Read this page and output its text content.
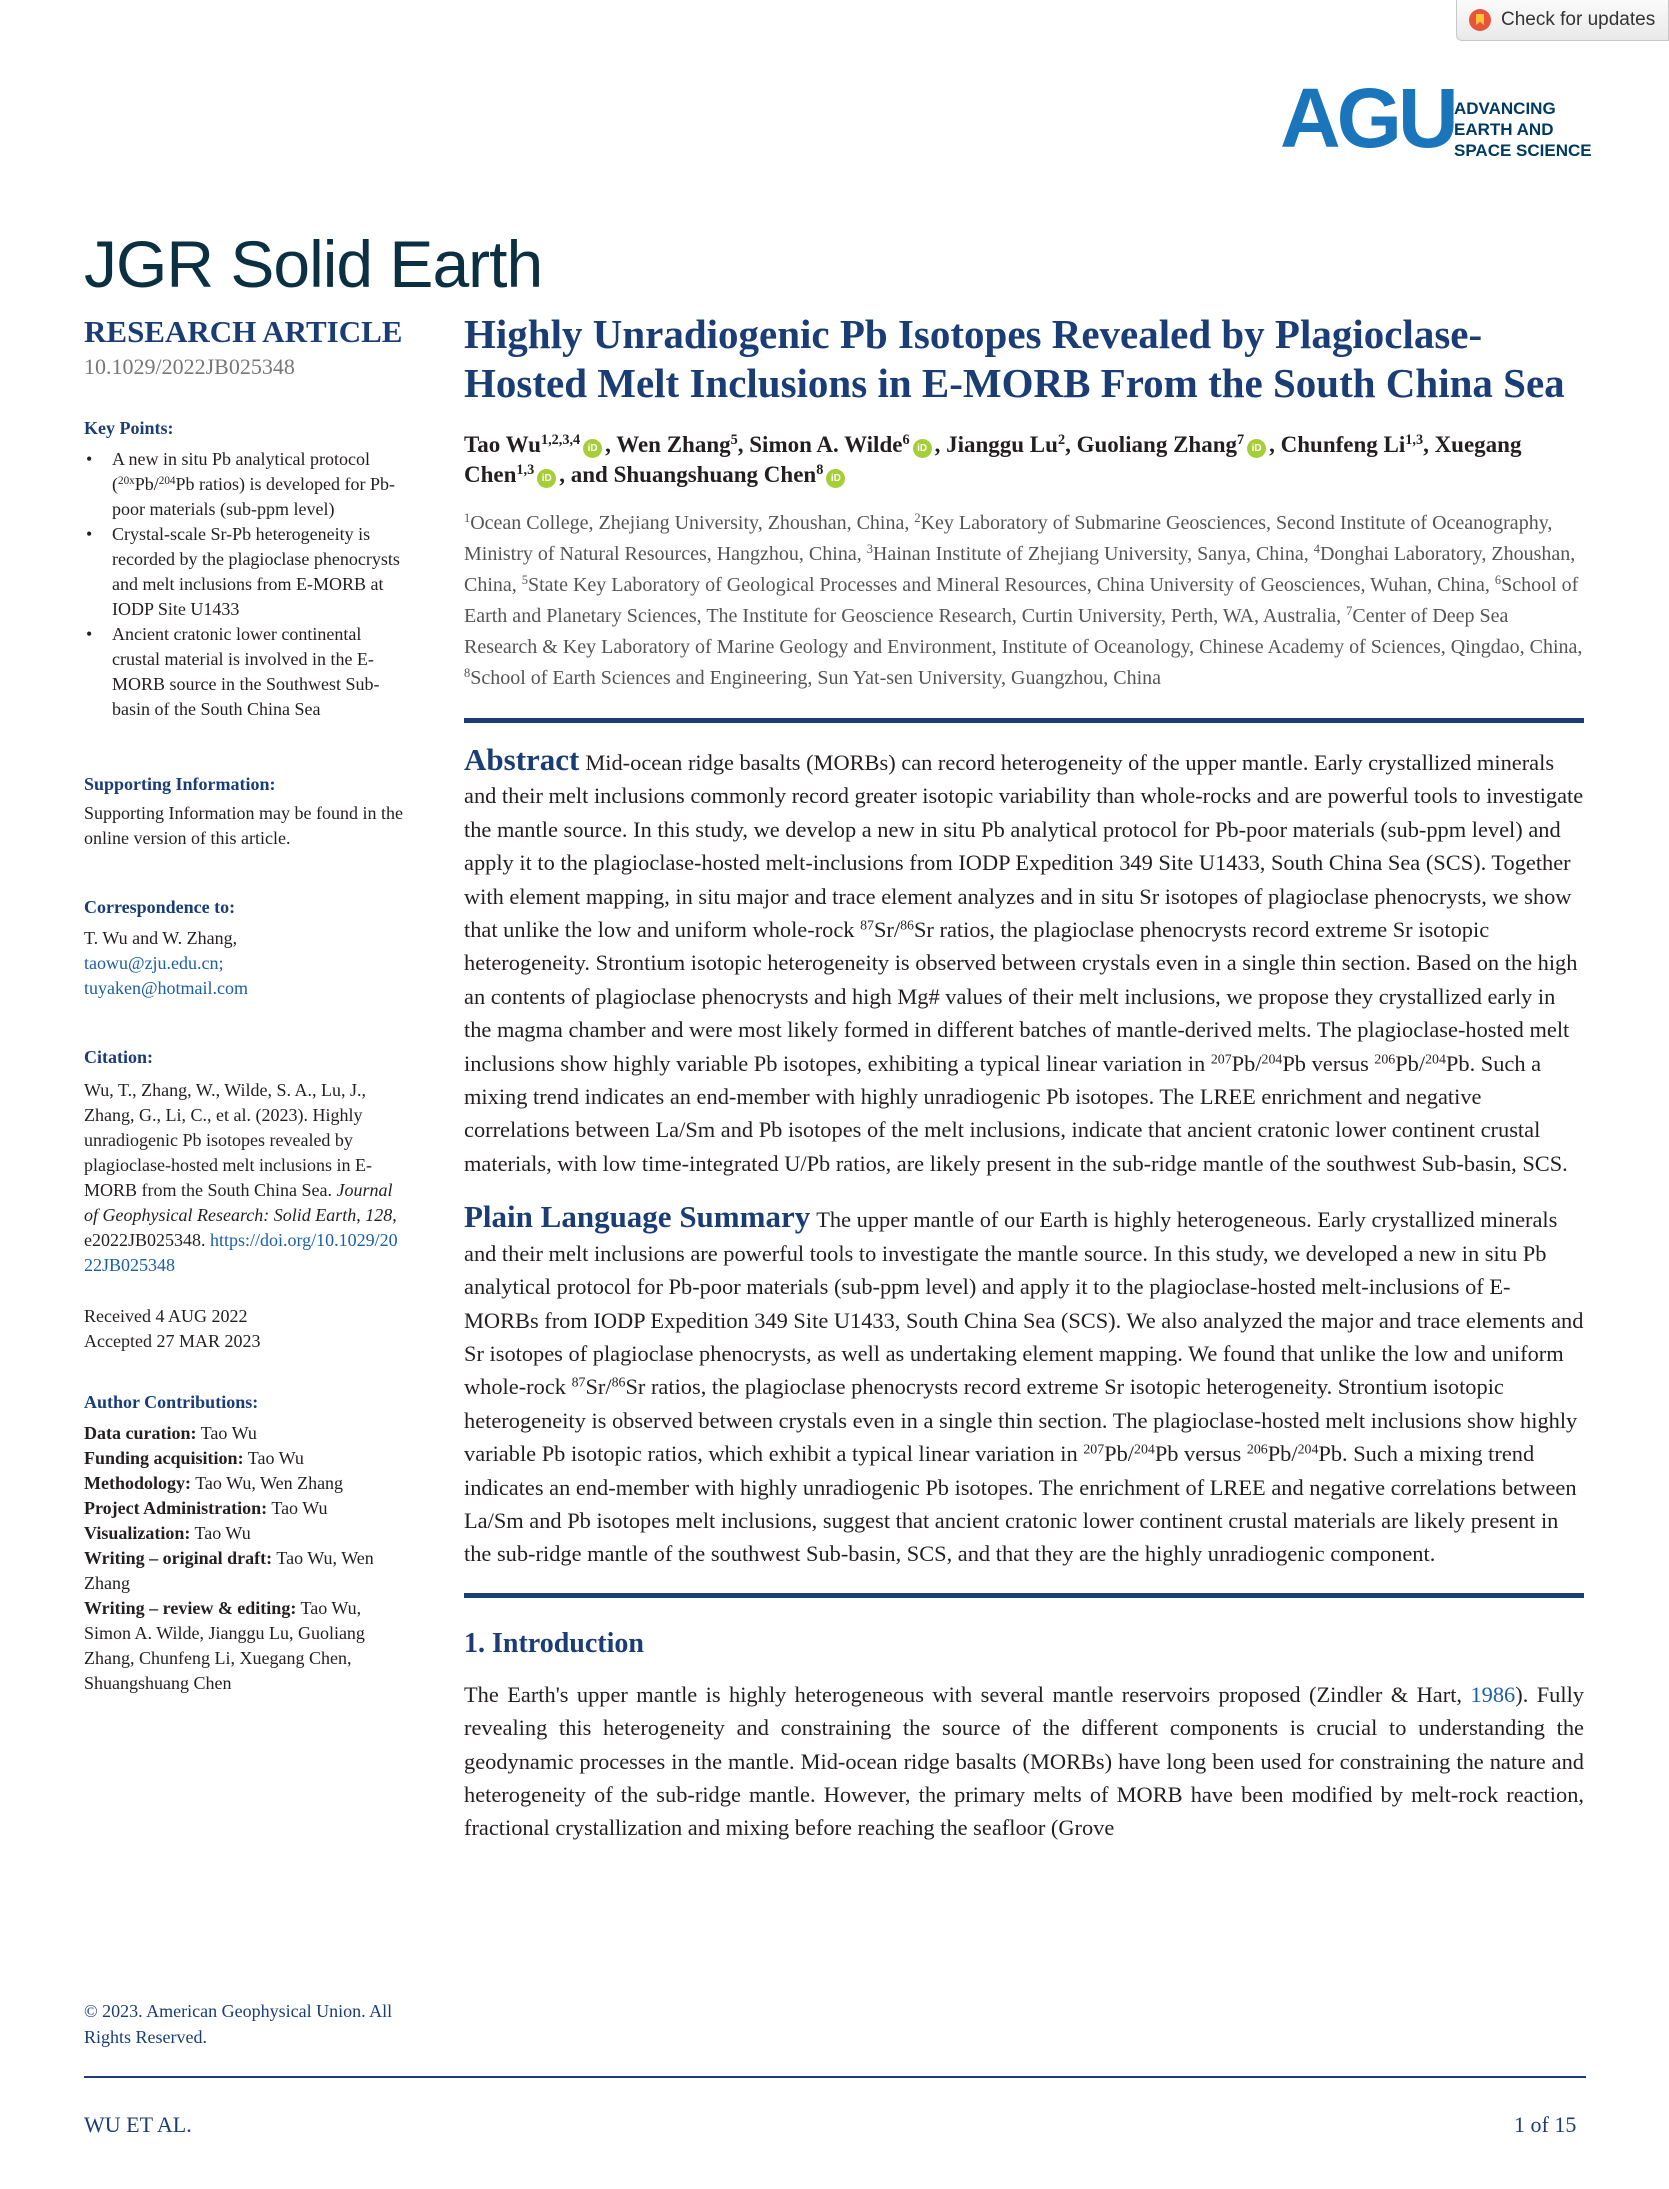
Check for updates
AGU ADVANCING
EARTH AND
SPACE SCIENCE
JGR Solid Earth
RESEARCH ARTICLE
10.1029/2022JB025348
Key Points:
• A new in situ Pb analytical protocol ($^{20x}$Pb/$^{204}$Pb ratios) is developed for Pb-poor materials (sub-ppm level)
• Crystal-scale Sr-Pb heterogeneity is recorded by the plagioclase phenocrysts and melt inclusions from E-MORB at IODP Site U1433
• Ancient cratonic lower continental crustal material is involved in the E-MORB source in the Southwest Sub-basin of the South China Sea
Supporting Information:

Supporting Information may be found in the online version of this article.

Correspondence to:

T. Wu and W. Zhang,
taowu@zju.edu.cn;
tuyaken@hotmail.com

Citation:

Wu, T., Zhang, W., Wilde, S. A., Lu, J., Zhang, G., Li, C., et al. (2023). Highly unradiogenic Pb isotopes revealed by plagioclase-hosted melt inclusions in E-MORB from the South China Sea. Journal of Geophysical Research: Solid Earth, 128, e2022JB025348. https://doi.org/10.1029/2022JB025348

Received 4 AUG 2022
Accepted 27 MAR 2023

Author Contributions:
Data curation: Tao Wu
Funding acquisition: Tao Wu
Methodology: Tao Wu, Wen Zhang
Project Administration: Tao Wu
Visualization: Tao Wu
Writing – original draft: Tao Wu, Wen Zhang
Writing – review & editing: Tao Wu, Simon A. Wilde, Jianggu Lu, Guoliang Zhang, Chunfeng Li, Xuegang Chen, Shuangshuang Chen
© 2023. American Geophysical Union. All Rights Reserved.
Highly Unradiogenic Pb Isotopes Revealed by Plagioclase-Hosted Melt Inclusions in E-MORB From the South China Sea
Tao Wu$^{1,2,3,4}$iD , Wen Zhang$^5$, Simon A. Wilde$^6$iD , Jianggu Lu$^2$, Guoliang Zhang$^7$iD , Chunfeng Li$^{1,3}$, Xuegang Chen$^{1,3}$iD , and Shuangshuang Chen$^8$iD
$^1$Ocean College, Zhejiang University, Zhoushan, China, $^2$Key Laboratory of Submarine Geosciences, Second Institute of Oceanography, Ministry of Natural Resources, Hangzhou, China, $^3$Hainan Institute of Zhejiang University, Sanya, China, $^4$Donghai Laboratory, Zhoushan, China, $^5$State Key Laboratory of Geological Processes and Mineral Resources, China University of Geosciences, Wuhan, China, $^6$School of Earth and Planetary Sciences, The Institute for Geoscience Research, Curtin University, Perth, WA, Australia, $^7$Center of Deep Sea Research & Key Laboratory of Marine Geology and Environment, Institute of Oceanology, Chinese Academy of Sciences, Qingdao, China, $^8$School of Earth Sciences and Engineering, Sun Yat-sen University, Guangzhou, China
Abstract Mid-ocean ridge basalts (MORBs) can record heterogeneity of the upper mantle. Early crystallized minerals and their melt inclusions commonly record greater isotopic variability than whole-rocks and are powerful tools to investigate the mantle source. In this study, we develop a new in situ Pb analytical protocol for Pb-poor materials (sub-ppm level) and apply it to the plagioclase-hosted melt-inclusions from IODP Expedition 349 Site U1433, South China Sea (SCS). Together with element mapping, in situ major and trace element analyzes and in situ Sr isotopes of plagioclase phenocrysts, we show that unlike the low and uniform whole-rock $^{87}$Sr/$^{86}$Sr ratios, the plagioclase phenocrysts record extreme Sr isotopic heterogeneity. Strontium isotopic heterogeneity is observed between crystals even in a single thin section. Based on the high an contents of plagioclase phenocrysts and high Mg# values of their melt inclusions, we propose they crystallized early in the magma chamber and were most likely formed in different batches of mantle-derived melts. The plagioclase-hosted melt inclusions show highly variable Pb isotopes, exhibiting a typical linear variation in $^{207}$Pb/$^{204}$Pb versus $^{206}$Pb/$^{204}$Pb. Such a mixing trend indicates an end-member with highly unradiogenic Pb isotopes. The LREE enrichment and negative correlations between La/Sm and Pb isotopes of the melt inclusions, indicate that ancient cratonic lower continent crustal materials, with low time-integrated U/Pb ratios, are likely present in the sub-ridge mantle of the southwest Sub-basin, SCS.
Plain Language Summary The upper mantle of our Earth is highly heterogeneous. Early crystallized minerals and their melt inclusions are powerful tools to investigate the mantle source. In this study, we developed a new in situ Pb analytical protocol for Pb-poor materials (sub-ppm level) and apply it to the plagioclase-hosted melt-inclusions of E-MORBs from IODP Expedition 349 Site U1433, South China Sea (SCS). We also analyzed the major and trace elements and Sr isotopes of plagioclase phenocrysts, as well as undertaking element mapping. We found that unlike the low and uniform whole-rock $^{87}$Sr/$^{86}$Sr ratios, the plagioclase phenocrysts record extreme Sr isotopic heterogeneity. Strontium isotopic heterogeneity is observed between crystals even in a single thin section. The plagioclase-hosted melt inclusions show highly variable Pb isotopic ratios, which exhibit a typical linear variation in $^{207}$Pb/$^{204}$Pb versus $^{206}$Pb/$^{204}$Pb. Such a mixing trend indicates an end-member with highly unradiogenic Pb isotopes. The enrichment of LREE and negative correlations between La/Sm and Pb isotopes melt inclusions, suggest that ancient cratonic lower continent crustal materials are likely present in the sub-ridge mantle of the southwest Sub-basin, SCS, and that they are the highly unradiogenic component.
1. Introduction
The Earth's upper mantle is highly heterogeneous with several mantle reservoirs proposed (Zindler & Hart, 1986). Fully revealing this heterogeneity and constraining the source of the different components is crucial to understanding the geodynamic processes in the mantle. Mid-ocean ridge basalts (MORBs) have long been used for constraining the nature and heterogeneity of the sub-ridge mantle. However, the primary melts of MORB have been modified by melt-rock reaction, fractional crystallization and mixing before reaching the seafloor (Grove
WU ET AL.	1 of 15
